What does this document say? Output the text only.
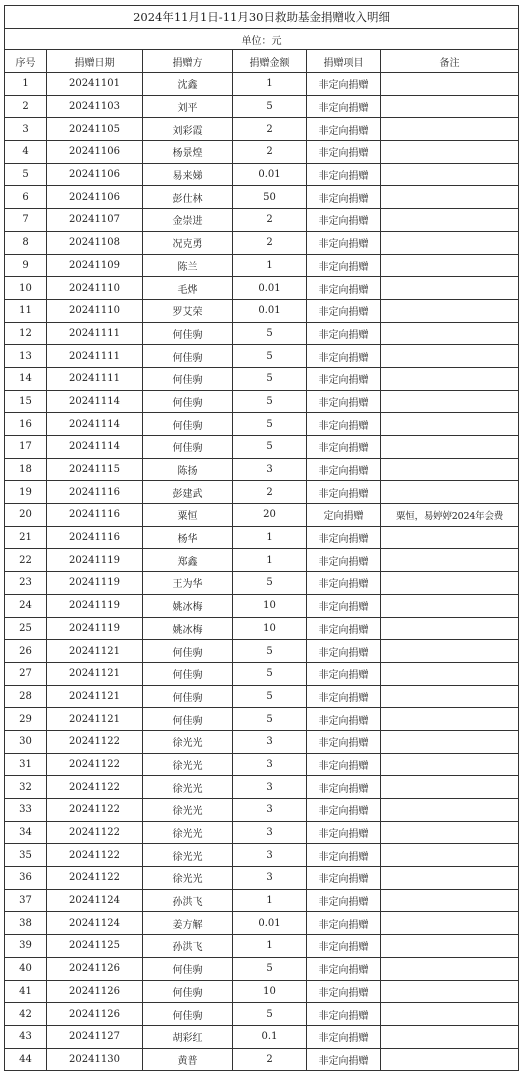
2024年11月1日-11月30日救助基金捐赠收入明细					
单位：元					
序号	捐赠日期	捐赠方	捐赠金额	捐赠项目	备注
1	20241101	沈鑫	1	非定向捐赠	
2	20241103	刘平	5	非定向捐赠	
3	20241105	刘彩霞	2	非定向捐赠	
4	20241106	杨景煌	2	非定向捐赠	
5	20241106	易来娣	0.01	非定向捐赠	
6	20241106	彭仕林	50	非定向捐赠	
7	20241107	金崇进	2	非定向捐赠	
8	20241108	况克勇	2	非定向捐赠	
9	20241109	陈兰	1	非定向捐赠	
10	20241110	毛烨	0.01	非定向捐赠	
11	20241110	罗艾荣	0.01	非定向捐赠	
12	20241111	何佳驹	5	非定向捐赠	
13	20241111	何佳驹	5	非定向捐赠	
14	20241111	何佳驹	5	非定向捐赠	
15	20241114	何佳驹	5	非定向捐赠	
16	20241114	何佳驹	5	非定向捐赠	
17	20241114	何佳驹	5	非定向捐赠	
18	20241115	陈扬	3	非定向捐赠	
19	20241116	彭建武	2	非定向捐赠	
20	20241116	粟恒	20	定向捐赠	粟恒，易婷婷2024年会费
21	20241116	杨华	1	非定向捐赠	
22	20241119	郑鑫	1	非定向捐赠	
23	20241119	王为华	5	非定向捐赠	
24	20241119	姚冰梅	10	非定向捐赠	
25	20241119	姚冰梅	10	非定向捐赠	
26	20241121	何佳驹	5	非定向捐赠	
27	20241121	何佳驹	5	非定向捐赠	
28	20241121	何佳驹	5	非定向捐赠	
29	20241121	何佳驹	5	非定向捐赠	
30	20241122	徐光光	3	非定向捐赠	
31	20241122	徐光光	3	非定向捐赠	
32	20241122	徐光光	3	非定向捐赠	
33	20241122	徐光光	3	非定向捐赠	
34	20241122	徐光光	3	非定向捐赠	
35	20241122	徐光光	3	非定向捐赠	
36	20241122	徐光光	3	非定向捐赠	
37	20241124	孙洪飞	1	非定向捐赠	
38	20241124	姜方解	0.01	非定向捐赠	
39	20241125	孙洪飞	1	非定向捐赠	
40	20241126	何佳驹	5	非定向捐赠	
41	20241126	何佳驹	10	非定向捐赠	
42	20241126	何佳驹	5	非定向捐赠	
43	20241127	胡彩红	0.1	非定向捐赠	
44	20241130	黄普	2	非定向捐赠	
